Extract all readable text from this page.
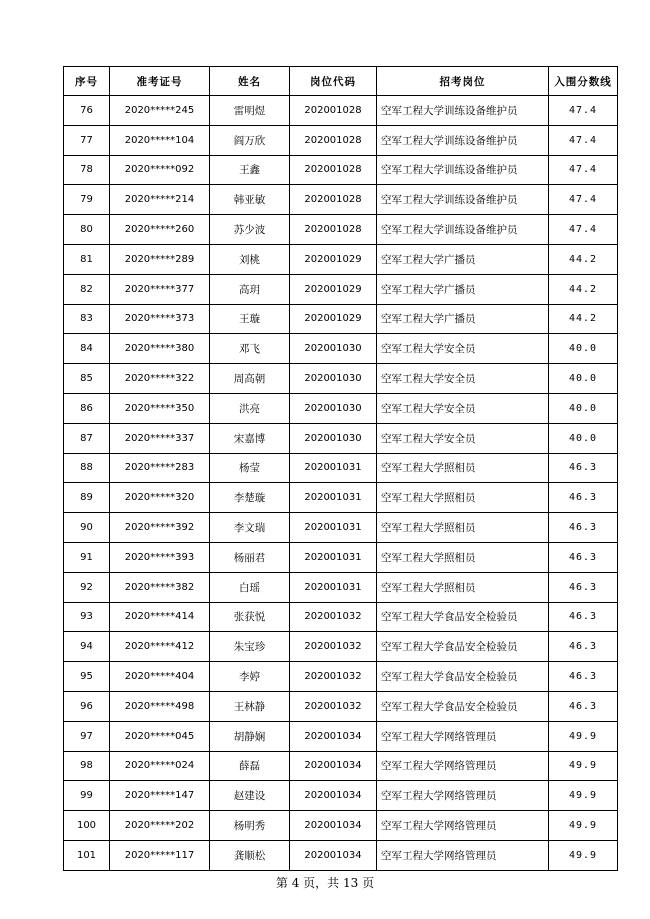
序号	准考证号	姓名	岗位代码	招考岗位	入围分数线
76	2020*****245	雷明煜	202001028	空军工程大学训练设备维护员	47.4
77	2020*****104	阎万欣	202001028	空军工程大学训练设备维护员	47.4
78	2020*****092	王鑫	202001028	空军工程大学训练设备维护员	47.4
79	2020*****214	韩亚敏	202001028	空军工程大学训练设备维护员	47.4
80	2020*****260	苏少波	202001028	空军工程大学训练设备维护员	47.4
81	2020*****289	刘桃	202001029	空军工程大学广播员	44.2
82	2020*****377	高玥	202001029	空军工程大学广播员	44.2
83	2020*****373	王璇	202001029	空军工程大学广播员	44.2
84	2020*****380	邓飞	202001030	空军工程大学安全员	40.0
85	2020*****322	周高朝	202001030	空军工程大学安全员	40.0
86	2020*****350	洪亮	202001030	空军工程大学安全员	40.0
87	2020*****337	宋嘉博	202001030	空军工程大学安全员	40.0
88	2020*****283	杨莹	202001031	空军工程大学照相员	46.3
89	2020*****320	李楚璇	202001031	空军工程大学照相员	46.3
90	2020*****392	李文瑞	202001031	空军工程大学照相员	46.3
91	2020*****393	杨丽君	202001031	空军工程大学照相员	46.3
92	2020*****382	白瑶	202001031	空军工程大学照相员	46.3
93	2020*****414	张获悦	202001032	空军工程大学食品安全检验员	46.3
94	2020*****412	朱宝珍	202001032	空军工程大学食品安全检验员	46.3
95	2020*****404	李婷	202001032	空军工程大学食品安全检验员	46.3
96	2020*****498	王林静	202001032	空军工程大学食品安全检验员	46.3
97	2020*****045	胡静娴	202001034	空军工程大学网络管理员	49.9
98	2020*****024	薛磊	202001034	空军工程大学网络管理员	49.9
99	2020*****147	赵建设	202001034	空军工程大学网络管理员	49.9
100	2020*****202	杨明秀	202001034	空军工程大学网络管理员	49.9
101	2020*****117	龚顺松	202001034	空军工程大学网络管理员	49.9
第 4 页，共 13 页
